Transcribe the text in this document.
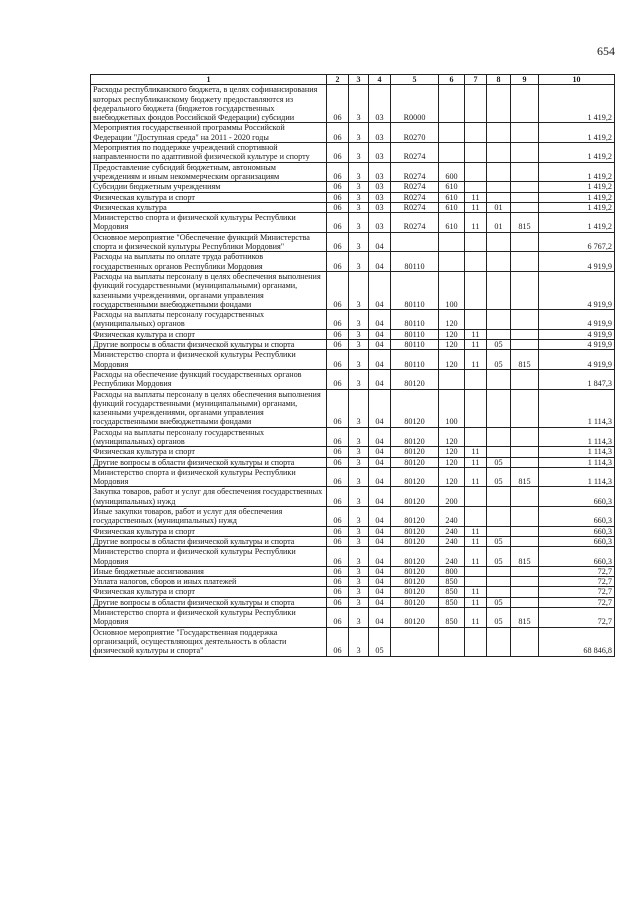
654
1	2	3	4	5	6	7	8	9	10
Расходы республиканского бюджета, в целях софинансирования которых республиканскому бюджету предоставляются из федерального бюджета (бюджетов государственных внебюджетных фондов Российской Федерации) субсидии	06	3	03	R0000					1 419,2
Мероприятия государственной программы Российской Федерации "Доступная среда" на 2011 - 2020 годы	06	3	03	R0270					1 419,2
Мероприятия по поддержке учреждений спортивной направленности по адаптивной физической культуре и спорту	06	3	03	R0274					1 419,2
Предоставление субсидий бюджетным, автономным учреждениям и иным некоммерческим организациям	06	3	03	R0274	600				1 419,2
Субсидии бюджетным учреждениям	06	3	03	R0274	610				1 419,2
Физическая культура и спорт	06	3	03	R0274	610	11			1 419,2
Физическая культура	06	3	03	R0274	610	11	01		1 419,2
Министерство спорта и физической культуры Республики Мордовия	06	3	03	R0274	610	11	01	815	1 419,2
Основное мероприятие "Обеспечение функций Министерства спорта и физической культуры Республики Мордовия"	06	3	04						6 767,2
Расходы на выплаты по оплате труда работников государственных органов Республики Мордовия	06	3	04	80110					4 919,9
Расходы на выплаты персоналу в целях обеспечения выполнения функций государственными (муниципальными) органами, казенными учреждениями, органами управления государственными внебюджетными фондами	06	3	04	80110	100				4 919,9
Расходы на выплаты персоналу государственных (муниципальных) органов	06	3	04	80110	120				4 919,9
Физическая культура и спорт	06	3	04	80110	120	11			4 919,9
Другие вопросы в области физической культуры и спорта	06	3	04	80110	120	11	05		4 919,9
Министерство спорта и физической культуры Республики Мордовия	06	3	04	80110	120	11	05	815	4 919,9
Расходы на обеспечение функций государственных органов Республики Мордовия	06	3	04	80120					1 847,3
Расходы на выплаты персоналу в целях обеспечения выполнения функций государственными (муниципальными) органами, казенными учреждениями, органами управления государственными внебюджетными фондами	06	3	04	80120	100				1 114,3
Расходы на выплаты персоналу государственных (муниципальных) органов	06	3	04	80120	120				1 114,3
Физическая культура и спорт	06	3	04	80120	120	11			1 114,3
Другие вопросы в области физической культуры и спорта	06	3	04	80120	120	11	05		1 114,3
Министерство спорта и физической культуры Республики Мордовия	06	3	04	80120	120	11	05	815	1 114,3
Закупка товаров, работ и услуг для обеспечения государственных (муниципальных) нужд	06	3	04	80120	200				660,3
Иные закупки товаров, работ и услуг для обеспечения государственных (муниципальных) нужд	06	3	04	80120	240				660,3
Физическая культура и спорт	06	3	04	80120	240	11			660,3
Другие вопросы в области физической культуры и спорта	06	3	04	80120	240	11	05		660,3
Министерство спорта и физической культуры Республики Мордовия	06	3	04	80120	240	11	05	815	660,3
Иные бюджетные ассигнования	06	3	04	80120	800				72,7
Уплата налогов, сборов и иных платежей	06	3	04	80120	850				72,7
Физическая культура и спорт	06	3	04	80120	850	11			72,7
Другие вопросы в области физической культуры и спорта	06	3	04	80120	850	11	05		72,7
Министерство спорта и физической культуры Республики Мордовия	06	3	04	80120	850	11	05	815	72,7
Основное мероприятие "Государственная поддержка организаций, осуществляющих деятельность в области физической культуры и спорта"	06	3	05						68 846,8
